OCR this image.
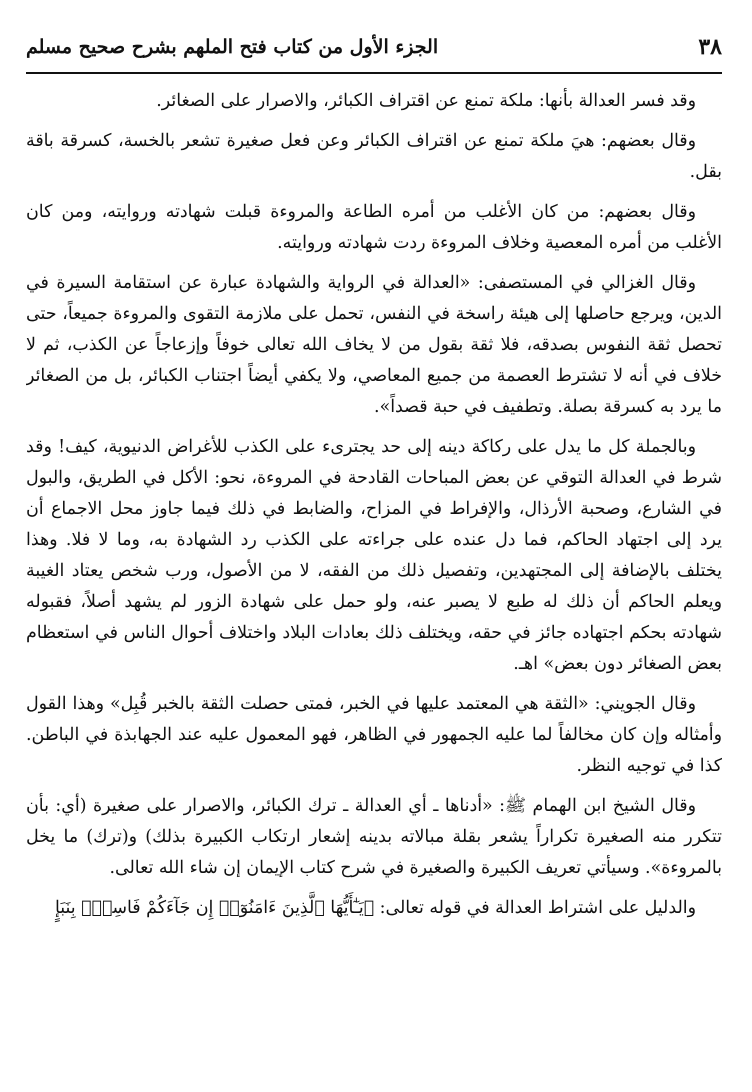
٣٨
الجزء الأول من كتاب فتح الملهم بشرح صحيح مسلم

وقد فسر العدالة بأنها: ملكة تمنع عن اقتراف الكبائر، والاصرار على الصغائر.

وقال بعضهم: هيَ ملكة تمنع عن اقتراف الكبائر وعن فعل صغيرة تشعر بالخسة، كسرقة باقة بقل.

وقال بعضهم: من كان الأغلب من أمره الطاعة والمروءة قبلت شهادته وروايته، ومن كان الأغلب من أمره المعصية وخلاف المروءة ردت شهادته وروايته.

وقال الغزالي في المستصفى: «العدالة في الرواية والشهادة عبارة عن استقامة السيرة في الدين، ويرجع حاصلها إلى هيئة راسخة في النفس، تحمل على ملازمة التقوى والمروءة جميعاً، حتى تحصل ثقة النفوس بصدقه، فلا ثقة بقول من لا يخاف الله تعالى خوفاً وإزعاجاً عن الكذب، ثم لا خلاف في أنه لا تشترط العصمة من جميع المعاصي، ولا يكفي أيضاً اجتناب الكبائر، بل من الصغائر ما يرد به كسرقة بصلة. وتطفيف في حبة قصداً».

وبالجملة كل ما يدل على ركاكة دينه إلى حد يجترىء على الكذب للأغراض الدنيوية، كيف! وقد شرط في العدالة التوقي عن بعض المباحات القادحة في المروءة، نحو: الأكل في الطريق، والبول في الشارع، وصحبة الأرذال، والإفراط في المزاح، والضابط في ذلك فيما جاوز محل الاجماع أن يرد إلى اجتهاد الحاكم، فما دل عنده على جراءته على الكذب رد الشهادة به، وما لا فلا. وهذا يختلف بالإضافة إلى المجتهدين، وتفصيل ذلك من الفقه، لا من الأصول، ورب شخص يعتاد الغيبة ويعلم الحاكم أن ذلك له طبع لا يصبر عنه، ولو حمل على شهادة الزور لم يشهد أصلاً، فقبوله شهادته بحكم اجتهاده جائز في حقه، ويختلف ذلك بعادات البلاد واختلاف أحوال الناس في استعظام بعض الصغائر دون بعض» اهـ.

وقال الجويني: «الثقة هي المعتمد عليها في الخبر، فمتى حصلت الثقة بالخبر قُبِل» وهذا القول وأمثاله وإن كان مخالفاً لما عليه الجمهور في الظاهر، فهو المعمول عليه عند الجهابذة في الباطن. كذا في توجيه النظر.

وقال الشيخ ابن الهمام ﷺ: «أدناها ـ أي العدالة ـ ترك الكبائر، والاصرار على صغيرة (أي: بأن تتكرر منه الصغيرة تكراراً يشعر بقلة مبالاته بدينه إشعار ارتكاب الكبيرة بذلك) و(ترك) ما يخل بالمروءة». وسيأتي تعريف الكبيرة والصغيرة في شرح كتاب الإيمان إن شاء الله تعالى.

والدليل على اشتراط العدالة في قوله تعالى: ﴿يَـٰٓأَيُّهَا ٱلَّذِينَ ءَامَنُوٓا۟ إِن جَآءَكُمْ فَاسِقٌۢ بِنَبَإٍ
